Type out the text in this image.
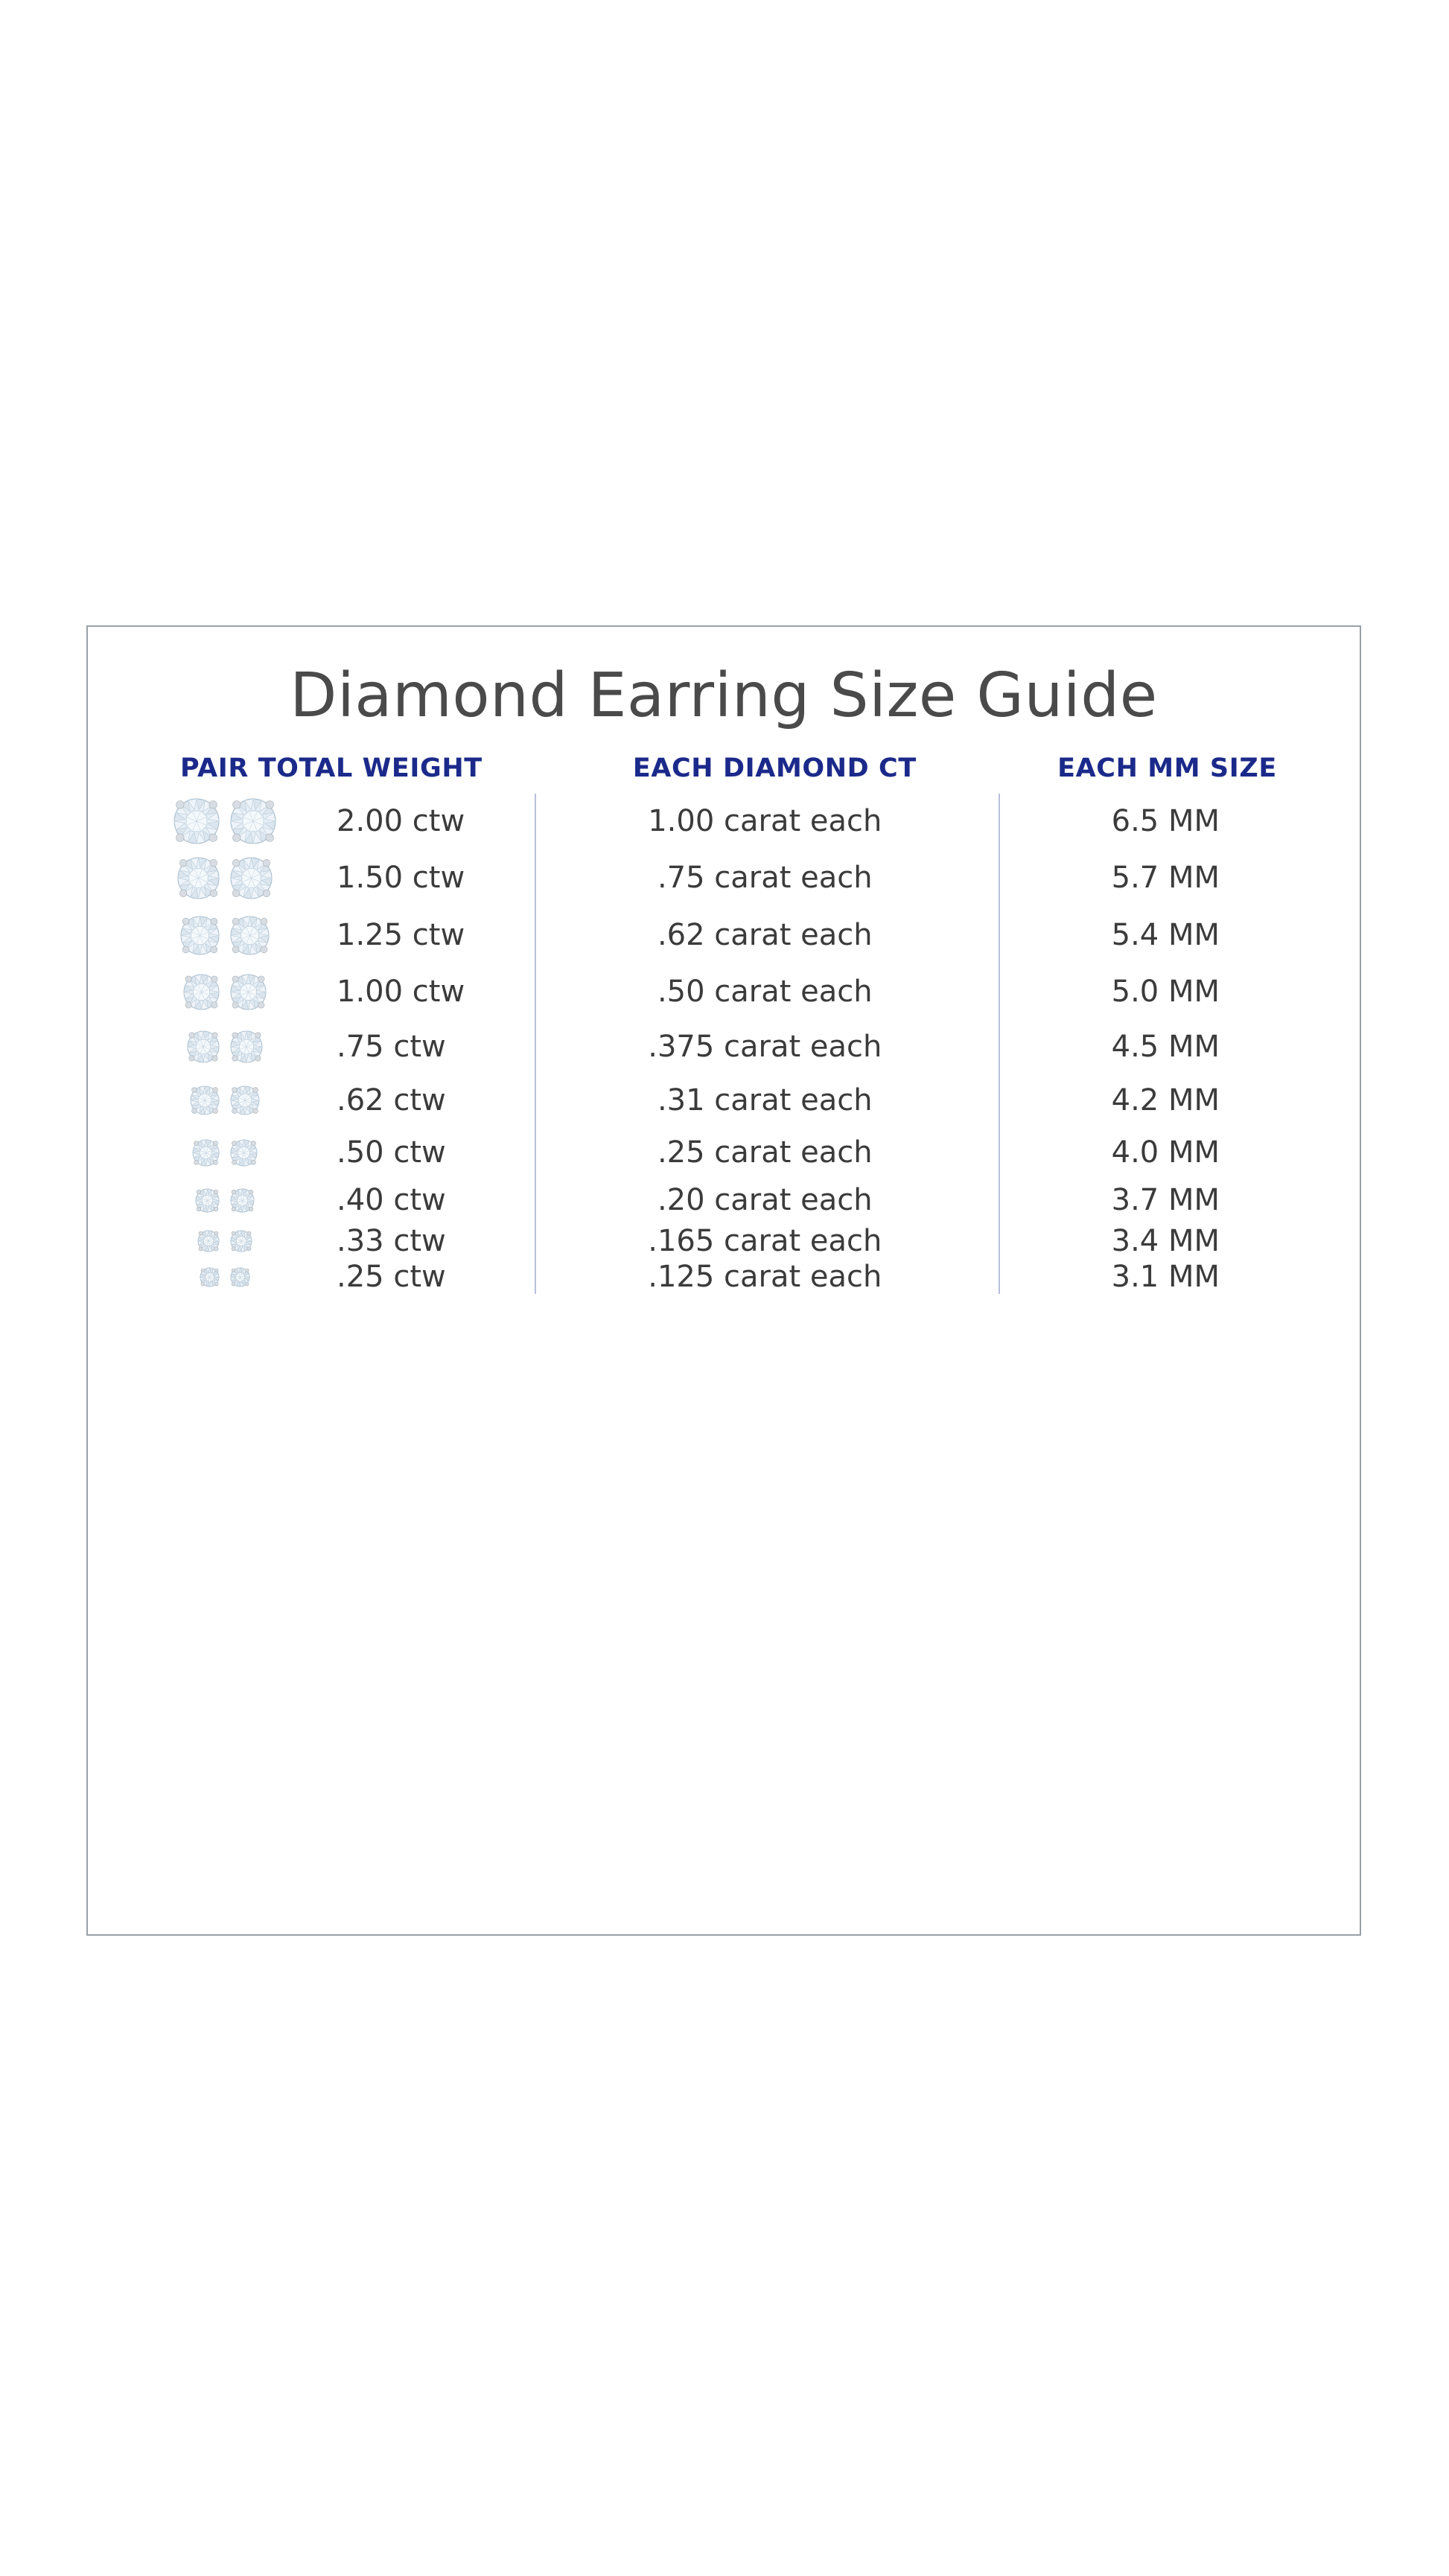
Diamond Earring Size Guide
PAIR TOTAL WEIGHT	EACH DIAMOND CT	EACH MM SIZE
2.00 ctw	1.00 carat each	6.5 MM
1.50 ctw	.75 carat each	5.7 MM
1.25 ctw	.62 carat each	5.4 MM
1.00 ctw	.50 carat each	5.0 MM
.75 ctw	.375 carat each	4.5 MM
.62 ctw	.31 carat each	4.2 MM
.50 ctw	.25 carat each	4.0 MM
.40 ctw	.20 carat each	3.7 MM
.33 ctw	.165 carat each	3.4 MM
.25 ctw	.125 carat each	3.1 MM
